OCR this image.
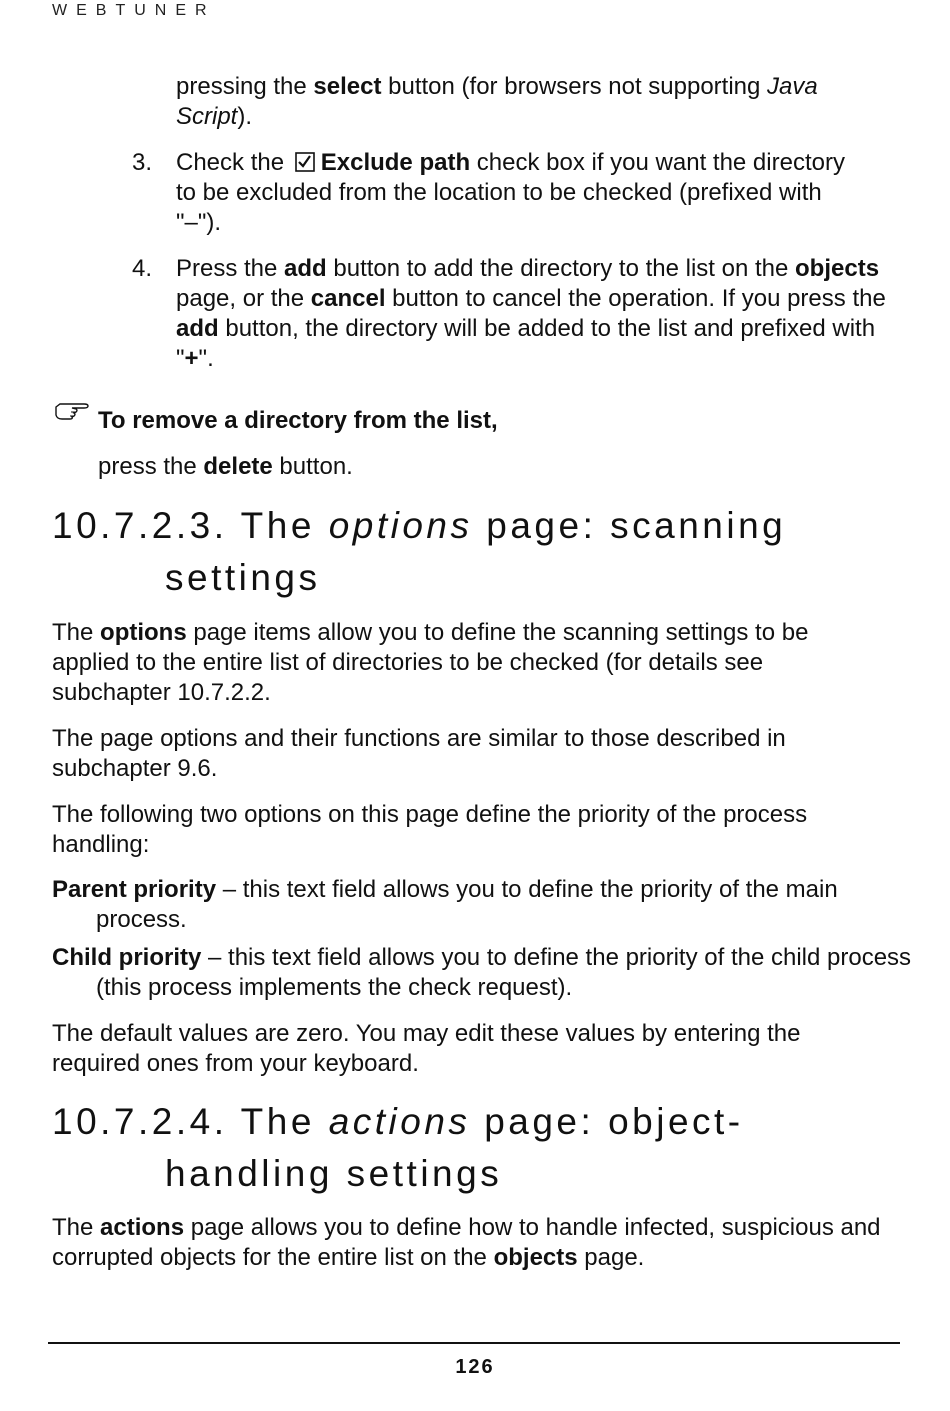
WEBTUNER
pressing the select button (for browsers not supporting Java Script).
3. Check the Exclude path check box if you want the directory to be excluded from the location to be checked (prefixed with "–").
4. Press the add button to add the directory to the list on the objects page, or the cancel button to cancel the operation. If you press the add button, the directory will be added to the list and prefixed with "+".
To remove a directory from the list,
press the delete button.
10.7.2.3. The options page: scanning
settings
The options page items allow you to define the scanning settings to be applied to the entire list of directories to be checked (for details see subchapter 10.7.2.2.
The page options and their functions are similar to those described in subchapter 9.6.
The following two options on this page define the priority of the process handling:
Parent priority – this text field allows you to define the priority of the main process.
Child priority – this text field allows you to define the priority of the child process (this process implements the check request).
The default values are zero. You may edit these values by entering the required ones from your keyboard.
10.7.2.4. The actions page: object-
handling settings
The actions page allows you to define how to handle infected, suspicious and corrupted objects for the entire list on the objects page.
126
